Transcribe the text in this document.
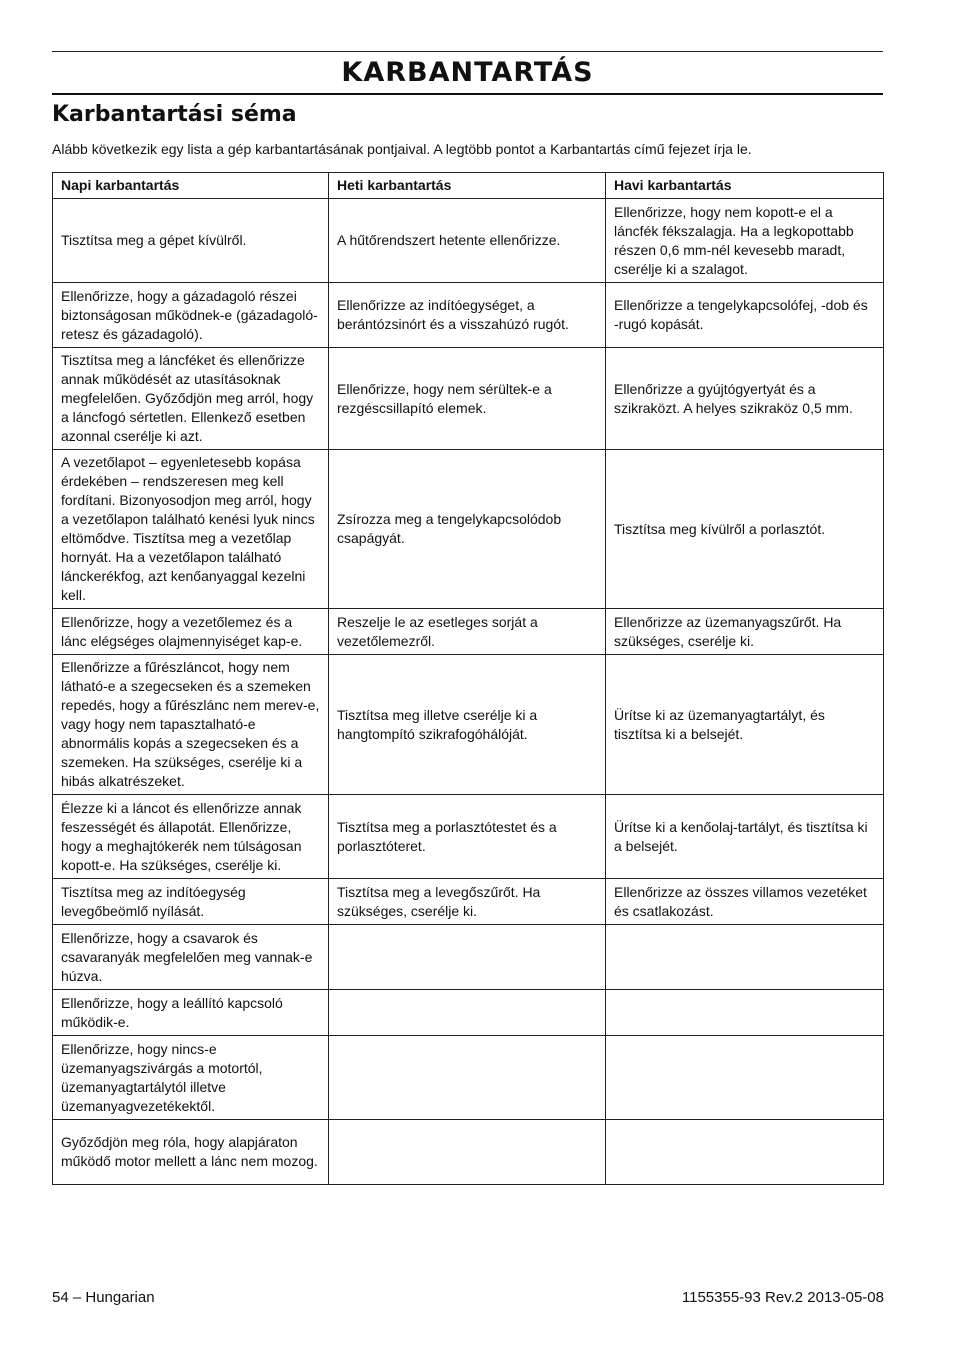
KARBANTARTÁS
Karbantartási séma
Alább következik egy lista a gép karbantartásának pontjaival. A legtöbb pontot a Karbantartás című fejezet írja le.
Napi karbantartás	Heti karbantartás	Havi karbantartás
Tisztítsa meg a gépet kívülről.	A hűtőrendszert hetente ellenőrizze.	Ellenőrizze, hogy nem kopott-e el a láncfék fékszalagja. Ha a legkopottabb részen 0,6 mm-nél kevesebb maradt, cserélje ki a szalagot.
Ellenőrizze, hogy a gázadagoló részei biztonságosan működnek-e (gázadagoló-retesz és gázadagoló).	Ellenőrizze az indítóegységet, a berántózsinórt és a visszahúzó rugót.	Ellenőrizze a tengelykapcsolófej, -dob és -rugó kopását.
Tisztítsa meg a láncféket és ellenőrizze annak működését az utasításoknak megfelelően. Győződjön meg arról, hogy a láncfogó sértetlen. Ellenkező esetben azonnal cserélje ki azt.	Ellenőrizze, hogy nem sérültek-e a rezgéscsillapító elemek.	Ellenőrizze a gyújtógyertyát és a szikraközt. A helyes szikraköz 0,5 mm.
A vezetőlapot – egyenletesebb kopása érdekében – rendszeresen meg kell fordítani. Bizonyosodjon meg arról, hogy a vezetőlapon található kenési lyuk nincs eltömődve. Tisztítsa meg a vezetőlap hornyát. Ha a vezetőlapon található lánckerékfog, azt kenőanyaggal kezelni kell.	Zsírozza meg a tengelykapcsolódob csapágyát.	Tisztítsa meg kívülről a porlasztót.
Ellenőrizze, hogy a vezetőlemez és a lánc elégséges olajmennyiséget kap-e.	Reszelje le az esetleges sorját a vezetőlemezről.	Ellenőrizze az üzemanyagszűrőt. Ha szükséges, cserélje ki.
Ellenőrizze a fűrészláncot, hogy nem látható-e a szegecseken és a szemeken repedés, hogy a fűrészlánc nem merev-e, vagy hogy nem tapasztalható-e abnormális kopás a szegecseken és a szemeken. Ha szükséges, cserélje ki a hibás alkatrészeket.	Tisztítsa meg illetve cserélje ki a hangtompító szikrafogóhálóját.	Ürítse ki az üzemanyagtartályt, és tisztítsa ki a belsejét.
Élezze ki a láncot és ellenőrizze annak feszességét és állapotát. Ellenőrizze, hogy a meghajtókerék nem túlságosan kopott-e. Ha szükséges, cserélje ki.	Tisztítsa meg a porlasztótestet és a porlasztóteret.	Ürítse ki a kenőolaj-tartályt, és tisztítsa ki a belsejét.
Tisztítsa meg az indítóegység levegőbeömlő nyílását.	Tisztítsa meg a levegőszűrőt. Ha szükséges, cserélje ki.	Ellenőrizze az összes villamos vezetéket és csatlakozást.
Ellenőrizze, hogy a csavarok és csavaranyák megfelelően meg vannak-e húzva.		
Ellenőrizze, hogy a leállító kapcsoló működik-e.		
Ellenőrizze, hogy nincs-e üzemanyagszivárgás a motortól, üzemanyagtartálytól illetve üzemanyagvezetékektől.		
Győződjön meg róla, hogy alapjáraton működő motor mellett a lánc nem mozog.		
54 – Hungarian	1155355-93 Rev.2 2013-05-08
